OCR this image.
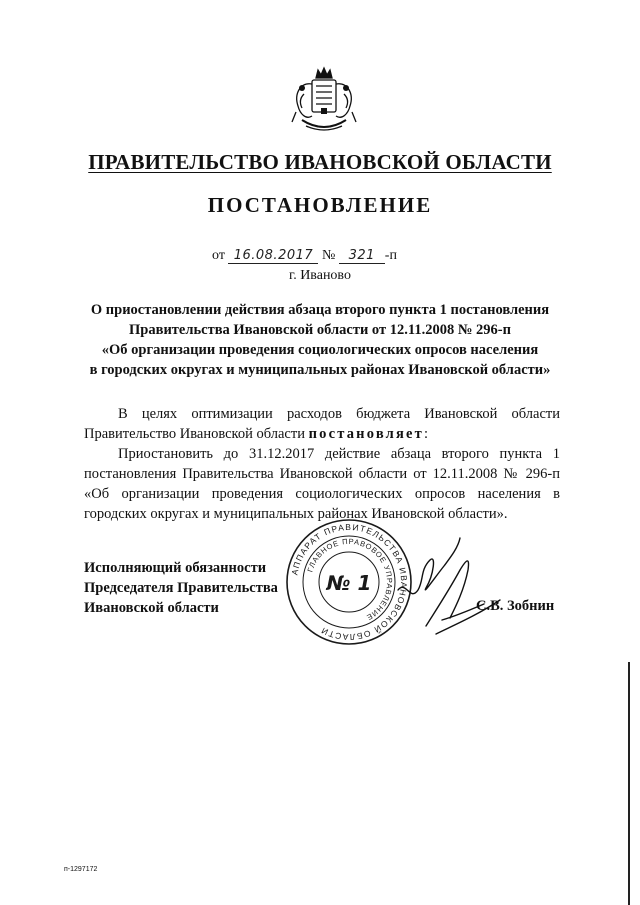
ПРАВИТЕЛЬСТВО ИВАНОВСКОЙ ОБЛАСТИ
ПОСТАНОВЛЕНИЕ
от 16.08.2017 № 321 -п
г. Иваново
О приостановлении действия абзаца второго пункта 1 постановления
Правительства Ивановской области от 12.11.2008 № 296-п
«Об организации проведения социологических опросов населения
в городских округах и муниципальных районах Ивановской области»

В целях оптимизации расходов бюджета Ивановской области Правительство Ивановской области постановляет:

Приостановить до 31.12.2017 действие абзаца второго пункта 1 постановления Правительства Ивановской области от 12.11.2008 № 296-п «Об организации проведения социологических опросов населения в городских округах и муниципальных районах Ивановской области».

Исполняющий обязанности
Председателя Правительства
Ивановской области
АППАРАТ ПРАВИТЕЛЬСТВА ИВАНОВСКОЙ ОБЛАСТИ
ГЛАВНОЕ ПРАВОВОЕ УПРАВЛЕНИЕ
№ 1
С.В. Зобнин
п-1297172
